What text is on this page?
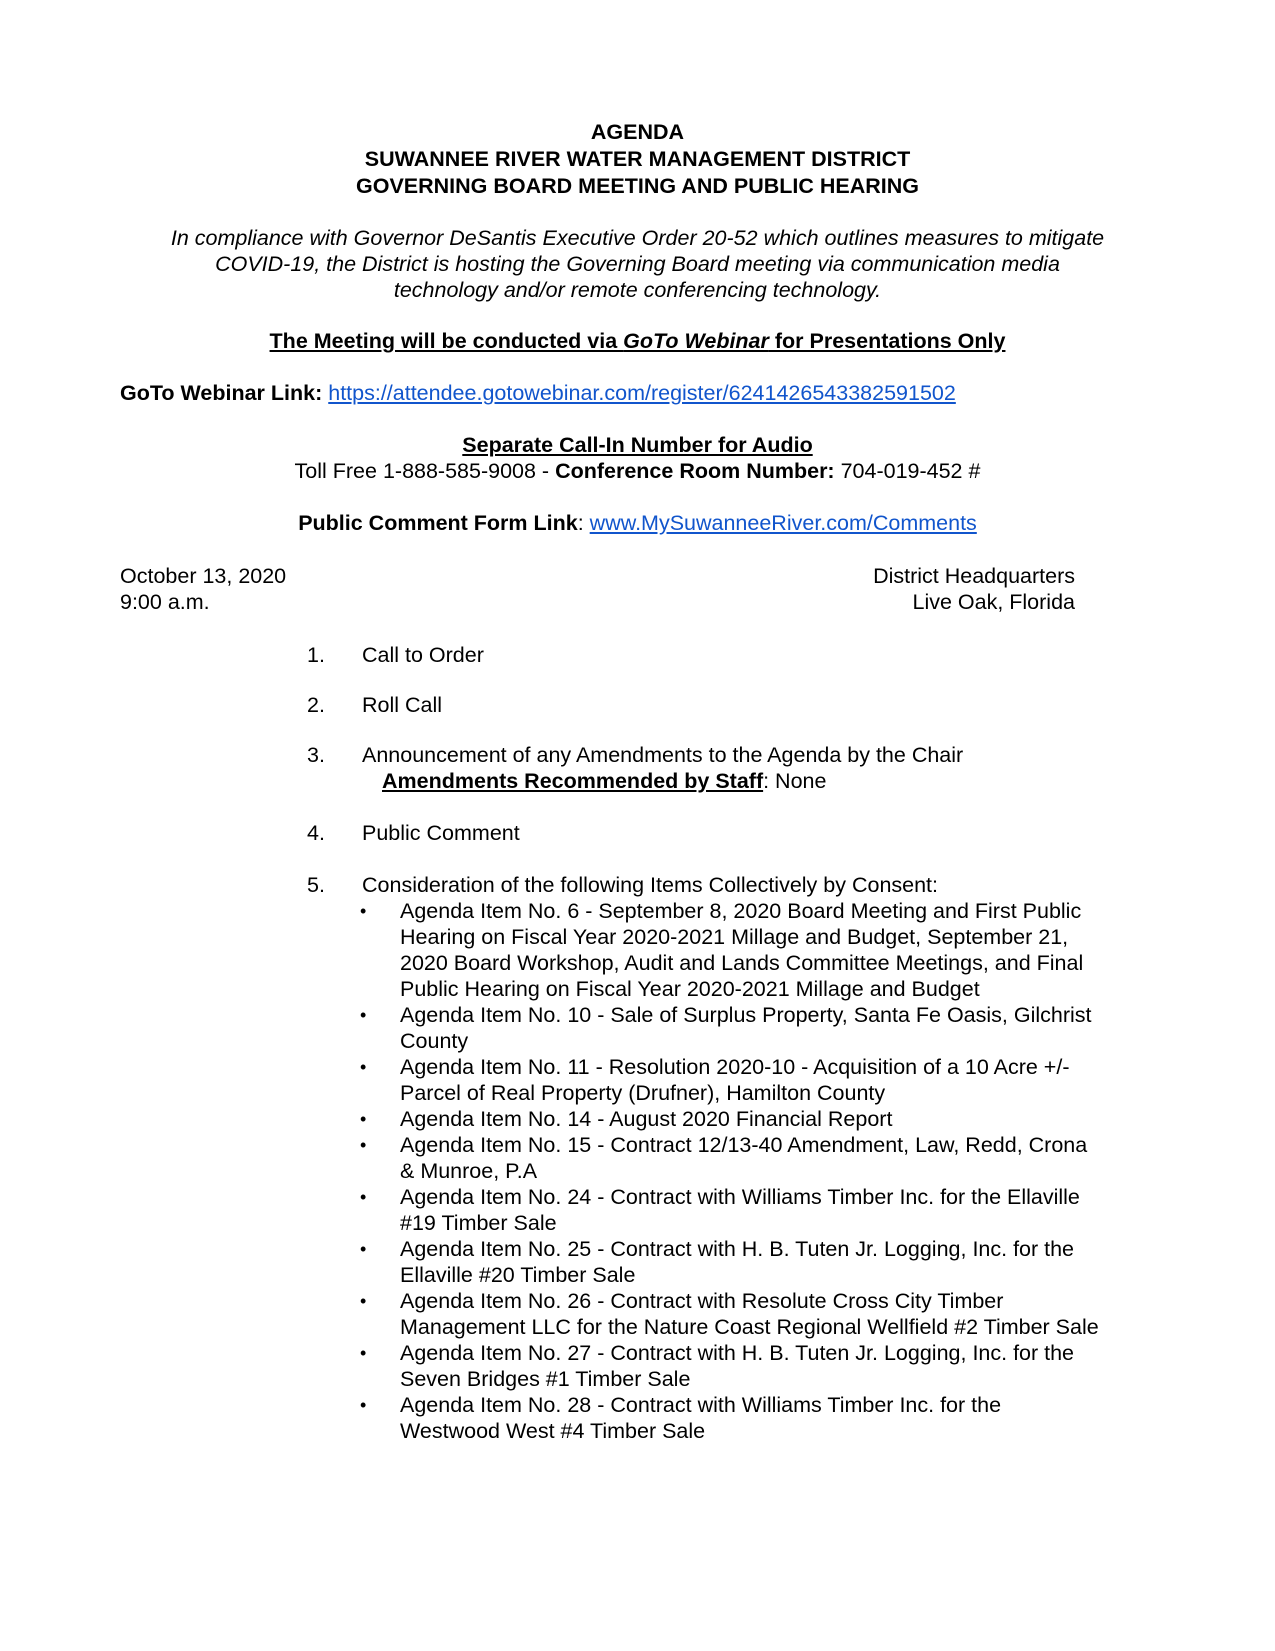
AGENDA
SUWANNEE RIVER WATER MANAGEMENT DISTRICT
GOVERNING BOARD MEETING AND PUBLIC HEARING
In compliance with Governor DeSantis Executive Order 20-52 which outlines measures to mitigate
COVID-19, the District is hosting the Governing Board meeting via communication media
technology and/or remote conferencing technology.
The Meeting will be conducted via GoTo Webinar for Presentations Only
GoTo Webinar Link: https://attendee.gotowebinar.com/register/6241426543382591502
Separate Call-In Number for Audio
Toll Free 1-888-585-9008 - Conference Room Number: 704-019-452 #
Public Comment Form Link: www.MySuwanneeRiver.com/Comments
October 13, 2020
9:00 a.m.
District Headquarters
Live Oak, Florida
1. Call to Order
2. Roll Call
3. Announcement of any Amendments to the Agenda by the Chair
Amendments Recommended by Staff: None
4. Public Comment
5. Consideration of the following Items Collectively by Consent:
• Agenda Item No. 6 - September 8, 2020 Board Meeting and First Public
Hearing on Fiscal Year 2020-2021 Millage and Budget, September 21,
2020 Board Workshop, Audit and Lands Committee Meetings, and Final
Public Hearing on Fiscal Year 2020-2021 Millage and Budget
• Agenda Item No. 10 - Sale of Surplus Property, Santa Fe Oasis, Gilchrist
County
• Agenda Item No. 11 - Resolution 2020-10 - Acquisition of a 10 Acre +/-
Parcel of Real Property (Drufner), Hamilton County
• Agenda Item No. 14 - August 2020 Financial Report
• Agenda Item No. 15 - Contract 12/13-40 Amendment, Law, Redd, Crona
& Munroe, P.A
• Agenda Item No. 24 - Contract with Williams Timber Inc. for the Ellaville
#19 Timber Sale
• Agenda Item No. 25 - Contract with H. B. Tuten Jr. Logging, Inc. for the
Ellaville #20 Timber Sale
• Agenda Item No. 26 - Contract with Resolute Cross City Timber
Management LLC for the Nature Coast Regional Wellfield #2 Timber Sale
• Agenda Item No. 27 - Contract with H. B. Tuten Jr. Logging, Inc. for the
Seven Bridges #1 Timber Sale
• Agenda Item No. 28 - Contract with Williams Timber Inc. for the
Westwood West #4 Timber Sale
